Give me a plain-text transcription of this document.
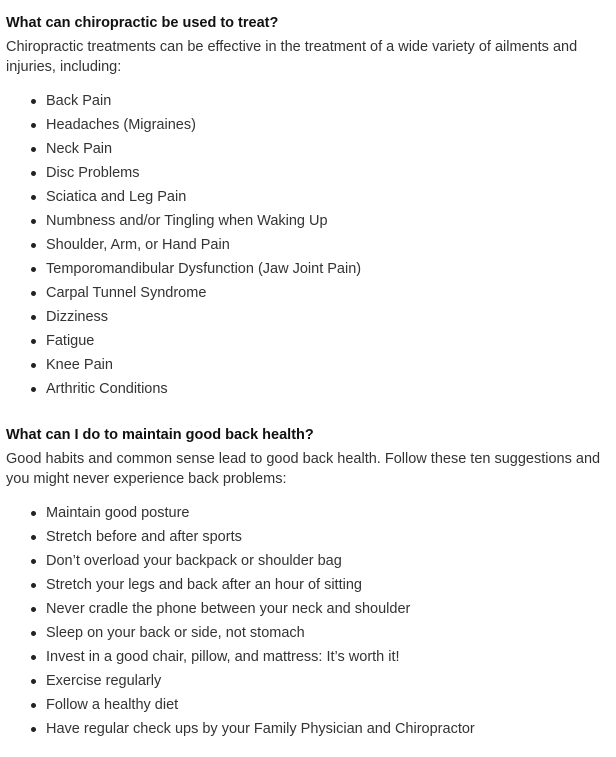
What can chiropractic be used to treat?

Chiropractic treatments can be effective in the treatment of a wide variety of ailments and injuries, including:

Back Pain
Headaches (Migraines)
Neck Pain
Disc Problems
Sciatica and Leg Pain
Numbness and/or Tingling when Waking Up
Shoulder, Arm, or Hand Pain
Temporomandibular Dysfunction (Jaw Joint Pain)
Carpal Tunnel Syndrome
Dizziness
Fatigue
Knee Pain
Arthritic Conditions
What can I do to maintain good back health?

Good habits and common sense lead to good back health. Follow these ten suggestions and you might never experience back problems:

Maintain good posture
Stretch before and after sports
Don’t overload your backpack or shoulder bag
Stretch your legs and back after an hour of sitting
Never cradle the phone between your neck and shoulder
Sleep on your back or side, not stomach
Invest in a good chair, pillow, and mattress: It’s worth it!
Exercise regularly
Follow a healthy diet
Have regular check ups by your Family Physician and Chiropractor
